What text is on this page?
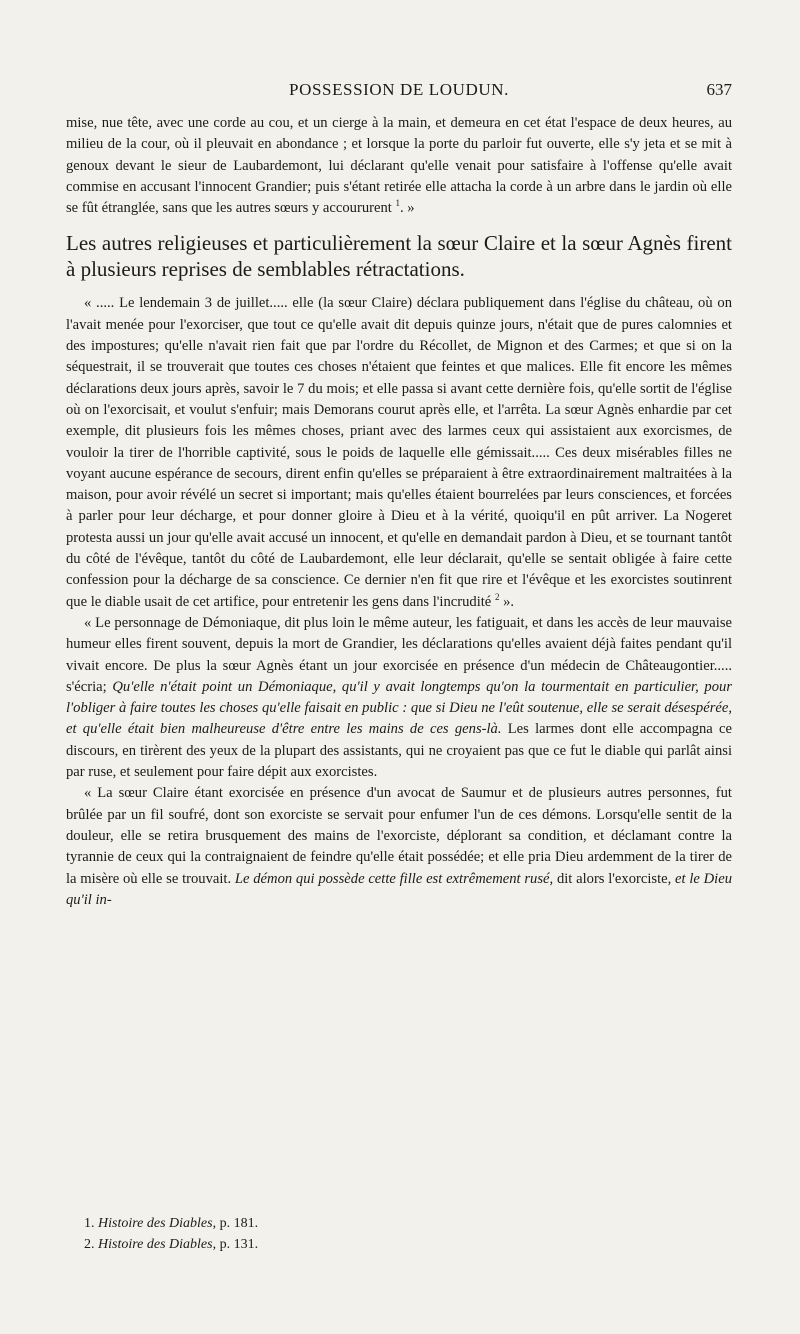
POSSESSION DE LOUDUN.	637

mise, nue tête, avec une corde au cou, et un cierge à la main, et demeura en cet état l'espace de deux heures, au milieu de la cour, où il pleuvait en abondance ; et lorsque la porte du parloir fut ouverte, elle s'y jeta et se mit à genoux devant le sieur de Laubardemont, lui déclarant qu'elle venait pour satisfaire à l'offense qu'elle avait commise en accusant l'innocent Grandier; puis s'étant retirée elle attacha la corde à un arbre dans le jardin où elle se fût étranglée, sans que les autres sœurs y accoururent $^1$. »

Les autres religieuses et particulièrement la sœur Claire et la sœur Agnès firent à plusieurs reprises de semblables rétractations.

« ..... Le lendemain 3 de juillet..... elle (la sœur Claire) déclara publiquement dans l'église du château, où on l'avait menée pour l'exorciser, que tout ce qu'elle avait dit depuis quinze jours, n'était que de pures calomnies et des impostures; qu'elle n'avait rien fait que par l'ordre du Récollet, de Mignon et des Carmes; et que si on la séquestrait, il se trouverait que toutes ces choses n'étaient que feintes et que malices. Elle fit encore les mêmes déclarations deux jours après, savoir le 7 du mois; et elle passa si avant cette dernière fois, qu'elle sortit de l'église où on l'exorcisait, et voulut s'enfuir; mais Demorans courut après elle, et l'arrêta. La sœur Agnès enhardie par cet exemple, dit plusieurs fois les mêmes choses, priant avec des larmes ceux qui assistaient aux exorcismes, de vouloir la tirer de l'horrible captivité, sous le poids de laquelle elle gémissait..... Ces deux misérables filles ne voyant aucune espérance de secours, dirent enfin qu'elles se préparaient à être extraordinairement maltraitées à la maison, pour avoir révélé un secret si important; mais qu'elles étaient bourrelées par leurs consciences, et forcées à parler pour leur décharge, et pour donner gloire à Dieu et à la vérité, quoiqu'il en pût arriver. La Nogeret protesta aussi un jour qu'elle avait accusé un innocent, et qu'elle en demandait pardon à Dieu, et se tournant tantôt du côté de l'évêque, tantôt du côté de Laubardemont, elle leur déclarait, qu'elle se sentait obligée à faire cette confession pour la décharge de sa conscience. Ce dernier n'en fit que rire et l'évêque et les exorcistes soutinrent que le diable usait de cet artifice, pour entretenir les gens dans l'incrudité $^2$ ».

« Le personnage de Démoniaque, dit plus loin le même auteur, les fatiguait, et dans les accès de leur mauvaise humeur elles firent souvent, depuis la mort de Grandier, les déclarations qu'elles avaient déjà faites pendant qu'il vivait encore. De plus la sœur Agnès étant un jour exorcisée en présence d'un médecin de Châteaugontier..... s'écria; Qu'elle n'était point un Démoniaque, qu'il y avait longtemps qu'on la tourmentait en particulier, pour l'obliger à faire toutes les choses qu'elle faisait en public : que si Dieu ne l'eût soutenue, elle se serait désespérée, et qu'elle était bien malheureuse d'être entre les mains de ces gens-là. Les larmes dont elle accompagna ce discours, en tirèrent des yeux de la plupart des assistants, qui ne croyaient pas que ce fut le diable qui parlât ainsi par ruse, et seulement pour faire dépit aux exorcistes.

« La sœur Claire étant exorcisée en présence d'un avocat de Saumur et de plusieurs autres personnes, fut brûlée par un fil soufré, dont son exorciste se servait pour enfumer l'un de ces démons. Lorsqu'elle sentit de la douleur, elle se retira brusquement des mains de l'exorciste, déplorant sa condition, et déclamant contre la tyrannie de ceux qui la contraignaient de feindre qu'elle était possédée; et elle pria Dieu ardemment de la tirer de la misère où elle se trouvait. Le démon qui possède cette fille est extrêmement rusé, dit alors l'exorciste, et le Dieu qu'il in-

1. Histoire des Diables, p. 181.

2. Histoire des Diables, p. 131.
